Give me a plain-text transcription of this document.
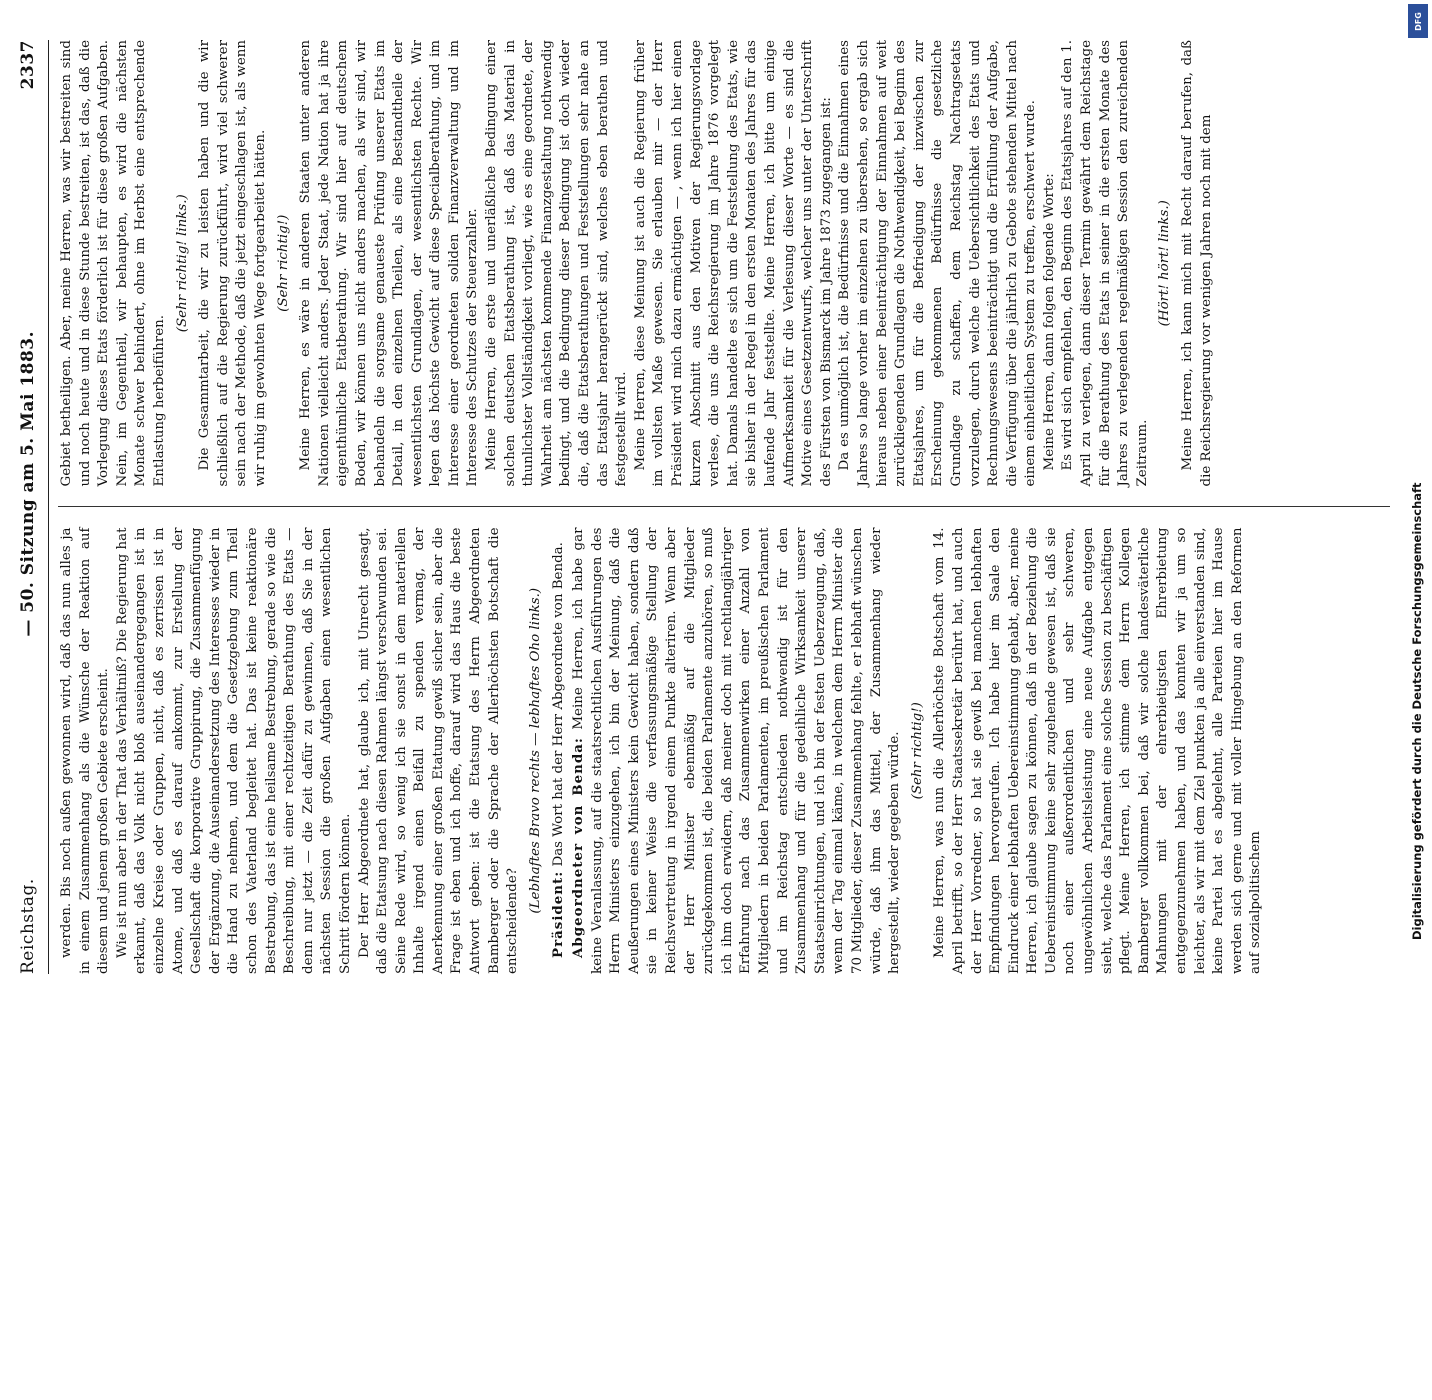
Reichstag.
— 50. Sitzung am 5. Mai 1883.
2337

werden. Bis noch außen gewonnen wird, daß das nun alles ja in einem Zusammenhang als die Wünsche der Reaktion auf diesem und jenem großen Gebiete erscheint. Wie ist nun aber in der That das Verhältniß? Die Regierung hat erkannt, daß das Volk nicht bloß auseinandergegangen ist in einzelne Kreise oder Gruppen, nicht, daß es zerrissen ist in Atome, und daß es darauf ankommt, zur Erstellung der Gesellschaft die korporative Gruppirung, die Zusammenfügung der Ergänzung, die Auseinandersetzung des Interesses wieder in die Hand zu nehmen, und dem die Gesetzgebung zum Theil schon des Vaterland begleitet hat. Das ist keine reaktionäre Bestrebung, das ist eine heilsame Bestrebung, gerade so wie die Beschreibung, mit einer rechtzeitigen Berathung des Etats — denn nur jetzt — die Zeit dafür zu gewinnen, daß Sie in der nächsten Session die großen Aufgaben einen wesentlichen Schritt fördern können. Der Herr Abgeordnete hat, glaube ich, mit Unrecht gesagt, daß die Etatsung nach diesen Rahmen längst verschwunden sei. Seine Rede wird, so wenig ich sie sonst in dem materiellen Inhalte irgend einen Beifall zu spenden vermag, der Anerkennung einer großen Etatung gewiß sicher sein, aber die Frage ist eben und ich hoffe, darauf wird das Haus die beste Antwort geben: ist die Etatsung des Herrn Abgeordneten Bamberger oder die Sprache der Allerhöchsten Botschaft die entscheidende?

(Lebhaftes Bravo rechts — lebhaftes Oho links.)

Präsident: Das Wort hat der Herr Abgeordnete von Benda. Abgeordneter von Benda: Meine Herren, ich habe gar keine Veranlassung, auf die staatsrechtlichen Ausführungen des Herrn Ministers einzugehen, ich bin der Meinung, daß die Aeußerungen eines Ministers kein Gewicht haben, sondern daß sie in keiner Weise die verfassungsmäßige Stellung der Reichsvertretung in irgend einem Punkte alteriren. Wenn aber der Herr Minister ebenmäßig auf die Mitglieder zurückgekommen ist, die beiden Parlamente anzuhören, so muß ich ihm doch erwidern, daß meiner doch mit rechtlangjähriger Erfahrung nach das Zusammenwirken einer Anzahl von Mitgliedern in beiden Parlamenten, im preußischen Parlament und im Reichstag entschieden nothwendig ist für den Zusammenhang und für die gedeihliche Wirksamkeit unserer Staatseinrichtungen, und ich bin der festen Ueberzeugung, daß, wenn der Tag einmal käme, in welchem dem Herrn Minister die 70 Mitglieder, dieser Zusammenhang fehlte, er lebhaft wünschen würde, daß ihm das Mittel, der Zusammenhang wieder hergestellt, wieder gegeben würde. (Sehr richtig!) Meine Herren, was nun die Allerhöchste Botschaft vom 14. April betrifft, so der Herr Staatssekretär berührt hat, und auch der Herr Vorredner, so hat sie gewiß bei manchen lebhaften Empfindungen hervorgerufen. Ich habe hier im Saale den Eindruck einer lebhaften Uebereinstimmung gehabt, aber, meine Herren, ich glaube sagen zu können, daß in der Beziehung die Uebereinstimmung keine sehr zugehende gewesen ist, daß sie noch einer außerordentlichen und sehr schweren, ungewöhnlichen Arbeitsleistung eine neue Aufgabe entgegen sieht, welche das Parlament eine solche Session zu beschäftigen pflegt. Meine Herren, ich stimme dem Herrn Kollegen Bamberger vollkommen bei, daß wir solche landesväterliche Mahnungen mit der ehrerbietigsten Ehrerbietung entgegenzunehmen haben, und das konnten wir ja um so leichter, als wir mit dem Ziel punkten ja alle einverstanden sind, keine Partei hat es abgelehnt, alle Parteien hier im Hause werden sich gerne und mit voller Hingebung an den Reformen auf sozialpolitischem

Gebiet betheiligen. Aber, meine Herren, was wir bestreiten sind und noch heute und in diese Stunde bestreiten, ist das, daß die Vorlegung dieses Etats förderlich ist für diese großen Aufgaben. Nein, im Gegentheil, wir behaupten, es wird die nächsten Monate schwer behindert, ohne im Herbst eine entsprechende Entlastung herbeiführen.

(Sehr richtig! links.) Die Gesammtarbeit, die wir zu leisten haben und die wir schließlich auf die Regierung zurückführt, wird viel schwerer sein nach der Methode, daß die jetzt eingeschlagen ist, als wenn wir ruhig im gewohnten Wege fortgearbeitet hätten. (Sehr richtig!) Meine Herren, es wäre in anderen Staaten unter anderen Nationen vielleicht anders. Jeder Staat, jede Nation hat ja ihre eigenthümliche Etatberathung. Wir sind hier auf deutschem Boden, wir können uns nicht anders machen, als wir sind, wir behandeln die sorgsame genaueste Prüfung unserer Etats im Detail, in den einzelnen Theilen, als eine Bestandtheile der wesentlichsten Grundlagen, der wesentlichsten Rechte. Wir legen das höchste Gewicht auf diese Specialberathung, und im Interesse einer geordneten soliden Finanzverwaltung und im Interesse des Schutzes der Steuerzahler. Meine Herren, die erste und unerläßliche Bedingung einer solchen deutschen Etatsberathung ist, daß das Material in thunlichster Vollständigkeit vorliegt, wie es eine geordnete, der Wahrheit am nächsten kommende Finanzgestaltung nothwendig bedingt, und die Bedingung dieser Bedingung ist doch wieder die, daß die Etatsberathungen und Feststellungen sehr nahe an das Etatsjahr herangerückt sind, welches eben berathen und festgestellt wird. Meine Herren, diese Meinung ist auch die Regierung früher im vollsten Maße gewesen. Sie erlauben mir — der Herr Präsident wird mich dazu ermächtigen — , wenn ich hier einen kurzen Abschnitt aus den Motiven der Regierungsvorlage verlese, die uns die Reichsregierung im Jahre 1876 vorgelegt hat. Damals handelte es sich um die Feststellung des Etats, wie sie bisher in der Regel in den ersten Monaten des Jahres für das laufende Jahr feststellte. Meine Herren, ich bitte um einige Aufmerksamkeit für die Verlesung dieser Worte — es sind die Motive eines Gesetzentwurfs, welcher uns unter der Unterschrift des Fürsten von Bismarck im Jahre 1873 zugegangen ist: Da es unmöglich ist, die Bedürfnisse und die Einnahmen eines Jahres so lange vorher im einzelnen zu übersehen, so ergab sich hieraus neben einer Beeinträchtigung der Einnahmen auf weit zurückliegenden Grundlagen die Nothwendigkeit, bei Beginn des Etatsjahres, um für die Befriedigung der inzwischen zur Erscheinung gekommenen Bedürfnisse die gesetzliche Grundlage zu schaffen, dem Reichstag Nachtragsetats vorzulegen, durch welche die Uebersichtlichkeit des Etats und Rechnungswesens beeinträchtigt und die Erfüllung der Aufgabe, die Verfügung über die jährlich zu Gebote stehenden Mittel nach einem einheitlichen System zu treffen, erschwert wurde. Meine Herren, dann folgen folgende Worte: Es wird sich empfehlen, den Beginn des Etatsjahres auf den 1. April zu verlegen, dann dieser Termin gewährt dem Reichstage für die Berathung des Etats in seiner in die ersten Monate des Jahres zu verlegenden regelmäßigen Session den zureichenden Zeitraum.

(Hört! hört! links.) Meine Herren, ich kann mich mit Recht darauf berufen, daß die Reichsregierung vor wenigen Jahren noch mit dem

DFG
Digitalisierung gefördert durch die Deutsche Forschungsgemeinschaft
